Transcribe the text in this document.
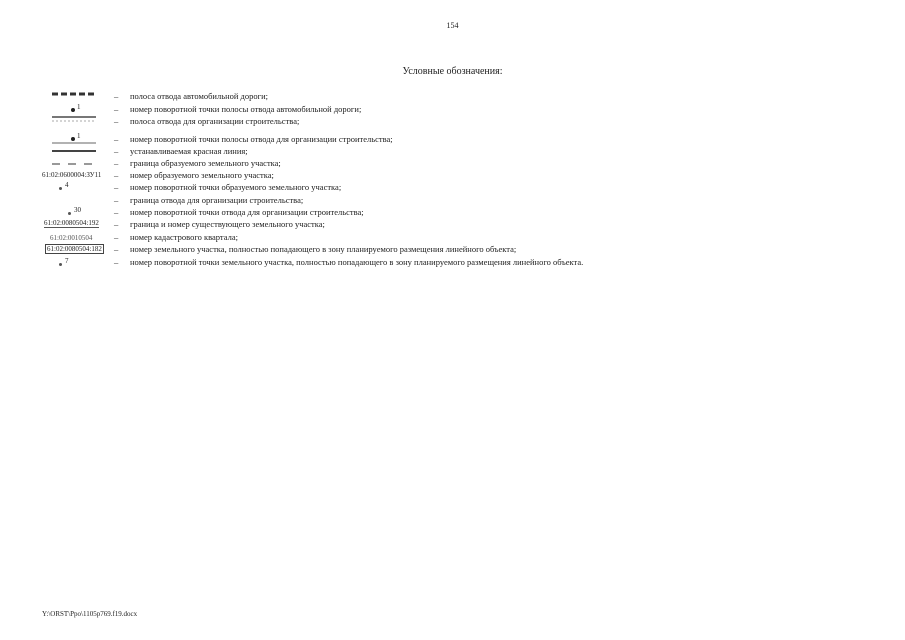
154
Условные обозначения:
– полоса отвода автомобильной дороги;
1	– номер поворотной точки полосы отвода автомобильной дороги;
– полоса отвода для организации строительства;
1	– номер поворотной точки полосы отвода для организации строительства;
– устанавливаемая красная линия;
– граница образуемого земельного участка;
61:02:0600004:ЗУ11 – номер образуемого земельного участка;
4	– номер поворотной точки образуемого земельного участка;
– граница отвода для организации строительства;
30	– номер поворотной точки отвода для организации строительства;
61:02:0080504:192 – граница и номер существующего земельного участка;
61:02:0010504	– номер кадастрового квартала;
61:02:0080504:182 – номер земельного участка, полностью попадающего в зону планируемого размещения линейного объекта;
7	– номер поворотной точки земельного участка, полностью попадающего в зону планируемого размещения линейного объекта.
Y:\ORST\Ppo\1105p769.f19.docx
